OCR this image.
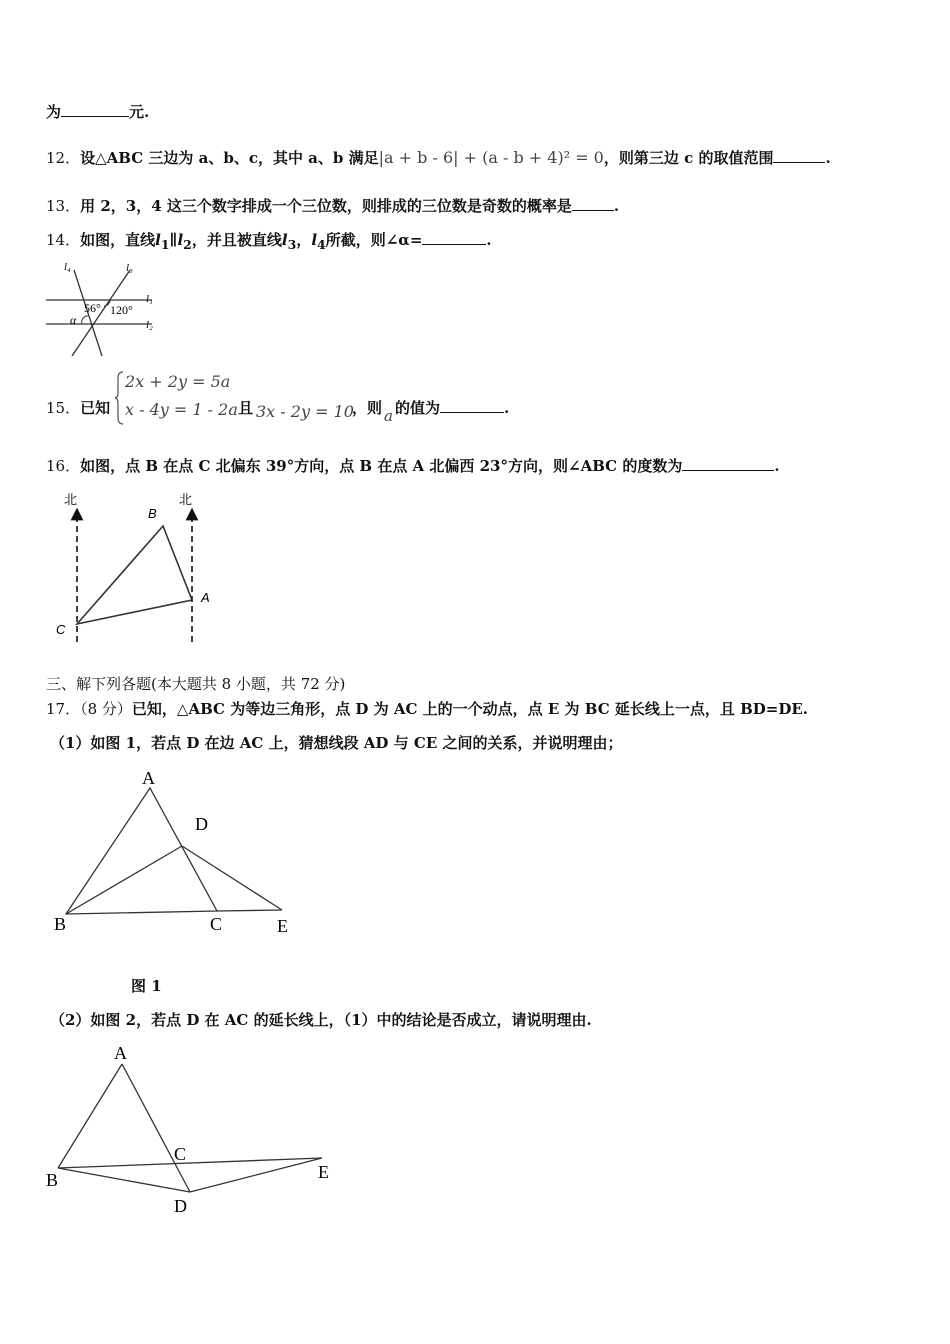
为	元.
12．设△ABC 三边为 a、b、c，其中 a、b 满足|a + b - 6| + (a - b + 4)² = 0，则第三边 c 的取值范围	.
13．用 2，3，4 这三个数字排成一个三位数，则排成的三位数是奇数的概率是	.
14．如图，直线$l_1\parallel l_2$，并且被直线$l_3$，$l_4$所截，则∠α=	.
l₄	l₃
l₁
l₂
56° 120°
α
15．已知
2x + 2y = 5a
x - 4y = 1 - 2a 且 3x - 2y = 10
，则 a 的值为	.
16．如图，点 B 在点 C 北偏东 39°方向，点 B 在点 A 北偏西 23°方向，则∠ABC 的度数为	.
北	北
B
A
C
三、解下列各题(本大题共 8 小题，共 72 分)
17．（8 分）已知，△ABC 为等边三角形，点 D 为 AC 上的一个动点，点 E 为 BC 延长线上一点，且 BD=DE.
（1）如图 1，若点 D 在边 AC 上，猜想线段 AD 与 CE 之间的关系，并说明理由；
A
D
B	C	E
图 1
（2）如图 2，若点 D 在 AC 的延长线上，（1）中的结论是否成立，请说明理由.
A
C
E
B
D
